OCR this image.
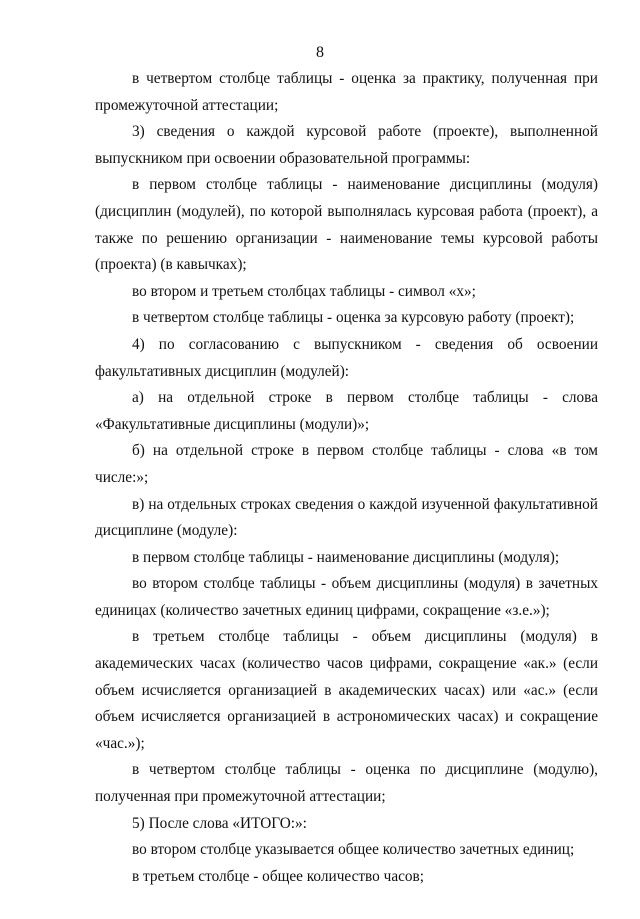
8

в четвертом столбце таблицы - оценка за практику, полученная при промежуточной аттестации;

3) сведения о каждой курсовой работе (проекте), выполненной выпускником при освоении образовательной программы:

в первом столбце таблицы - наименование дисциплины (модуля) (дисциплин (модулей), по которой выполнялась курсовая работа (проект), а также по решению организации - наименование темы курсовой работы (проекта) (в кавычках);

во втором и третьем столбцах таблицы - символ «х»;

в четвертом столбце таблицы - оценка за курсовую работу (проект);

4) по согласованию с выпускником - сведения об освоении факультативных дисциплин (модулей):

а) на отдельной строке в первом столбце таблицы - слова «Факультативные дисциплины (модули)»;

б) на отдельной строке в первом столбце таблицы - слова «в том числе:»;

в) на отдельных строках сведения о каждой изученной факультативной дисциплине (модуле):

в первом столбце таблицы - наименование дисциплины (модуля);

во втором столбце таблицы - объем дисциплины (модуля) в зачетных единицах (количество зачетных единиц цифрами, сокращение «з.е.»);

в третьем столбце таблицы - объем дисциплины (модуля) в академических часах (количество часов цифрами, сокращение «ак.» (если объем исчисляется организацией в академических часах) или «ас.» (если объем исчисляется организацией в астрономических часах) и сокращение «час.»);

в четвертом столбце таблицы - оценка по дисциплине (модулю), полученная при промежуточной аттестации;

5) После слова «ИТОГО:»:

во втором столбце указывается общее количество зачетных единиц;

в третьем столбце - общее количество часов;
